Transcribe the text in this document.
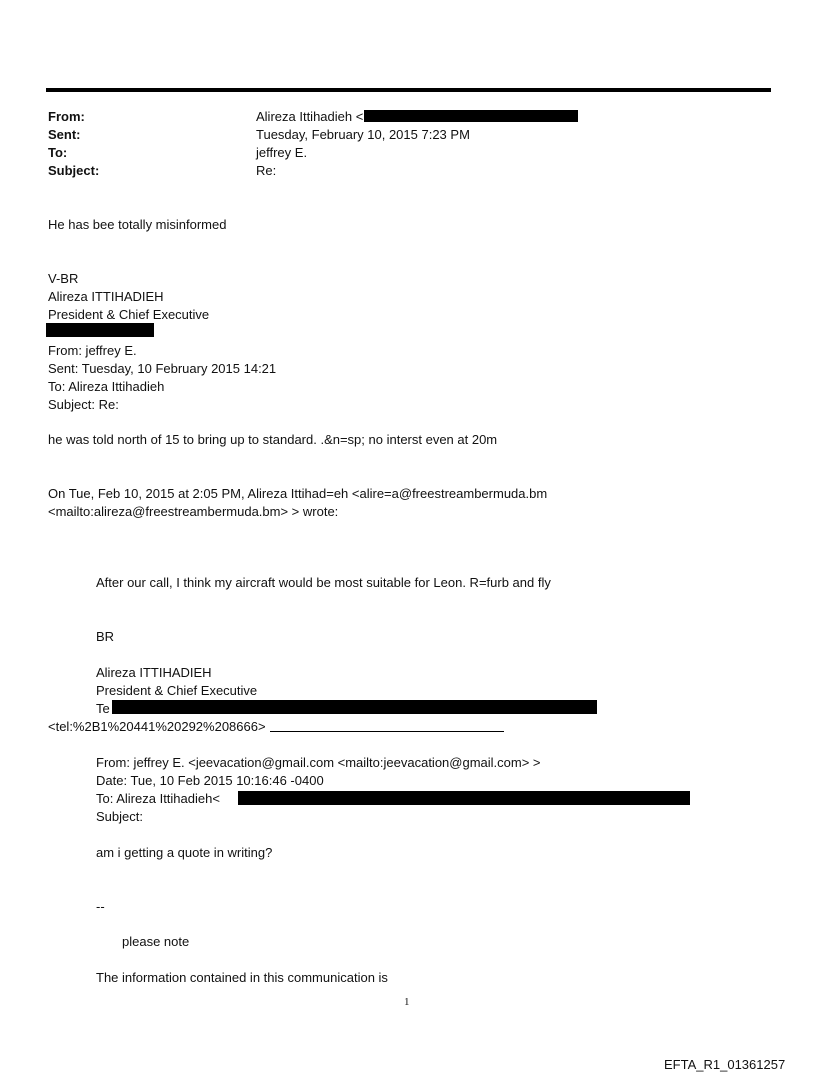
From:	Alireza Ittihadieh <
Sent:	Tuesday, February 10, 2015 7:23 PM
To:	jeffrey E.
Subject:	Re:
He has bee totally misinformed
V-BR
Alireza ITTIHADIEH
President & Chief Executive
From: jeffrey E.
Sent: Tuesday, 10 February 2015 14:21
To: Alireza Ittihadieh
Subject: Re:
he was told north of 15 to bring up to standard. .&n=sp; no interst even at 20m
On Tue, Feb 10, 2015 at 2:05 PM, Alireza Ittihad=eh <alire=a@freestreambermuda.bm
<mailto:alireza@freestreambermuda.bm> > wrote:
After our call, I think my aircraft would be most suitable for Leon. R=furb and fly
BR
Alireza ITTIHADIEH
President & Chief Executive
Te
<tel:%2B1%20441%20292%208666>
From: jeffrey E. <jeevacation@gmail.com <mailto:jeevacation@gmail.com> >
Date: Tue, 10 Feb 2015 10:16:46 -0400
To: Alireza Ittihadieh<
Subject:
am i getting a quote in writing?
--
please note
The information contained in this communication is
1
EFTA_R1_01361257
